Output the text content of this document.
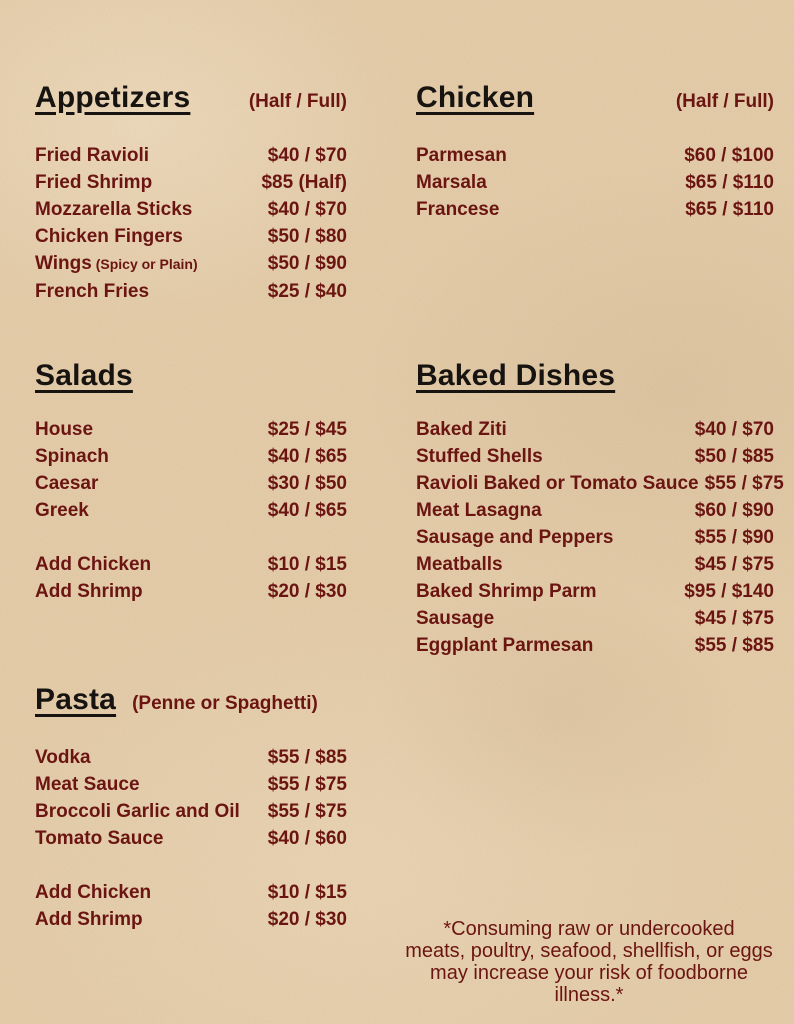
Appetizers	(Half / Full)
Fried Ravioli	$40 / $70
Fried Shrimp	$85 (Half)
Mozzarella Sticks	$40 / $70
Chicken Fingers	$50 / $80
Wings (Spicy or Plain)	$50 / $90
French Fries	$25 / $40
Chicken	(Half / Full)
Parmesan	$60 / $100
Marsala	$65 / $110
Francese	$65 / $110
Salads
House	$25 / $45
Spinach	$40 / $65
Caesar	$30 / $50
Greek	$40 / $65
Add Chicken	$10 / $15
Add Shrimp	$20 / $30
Baked Dishes
Baked Ziti	$40 / $70
Stuffed Shells	$50 / $85
Ravioli Baked or Tomato Sauce $55 / $75
Meat Lasagna	$60 / $90
Sausage and Peppers	$55 / $90
Meatballs	$45 / $75
Baked Shrimp Parm	$95 / $140
Sausage	$45 / $75
Eggplant Parmesan	$55 / $85
Pasta (Penne or Spaghetti)
Vodka	$55 / $85
Meat Sauce	$55 / $75
Broccoli Garlic and Oil $55 / $75
Tomato Sauce	$40 / $60
Add Chicken	$10 / $15
Add Shrimp	$20 / $30	*Consuming raw or undercooked
meats, poultry, seafood, shellfish, or eggs
may increase your risk of foodborne illness.*
